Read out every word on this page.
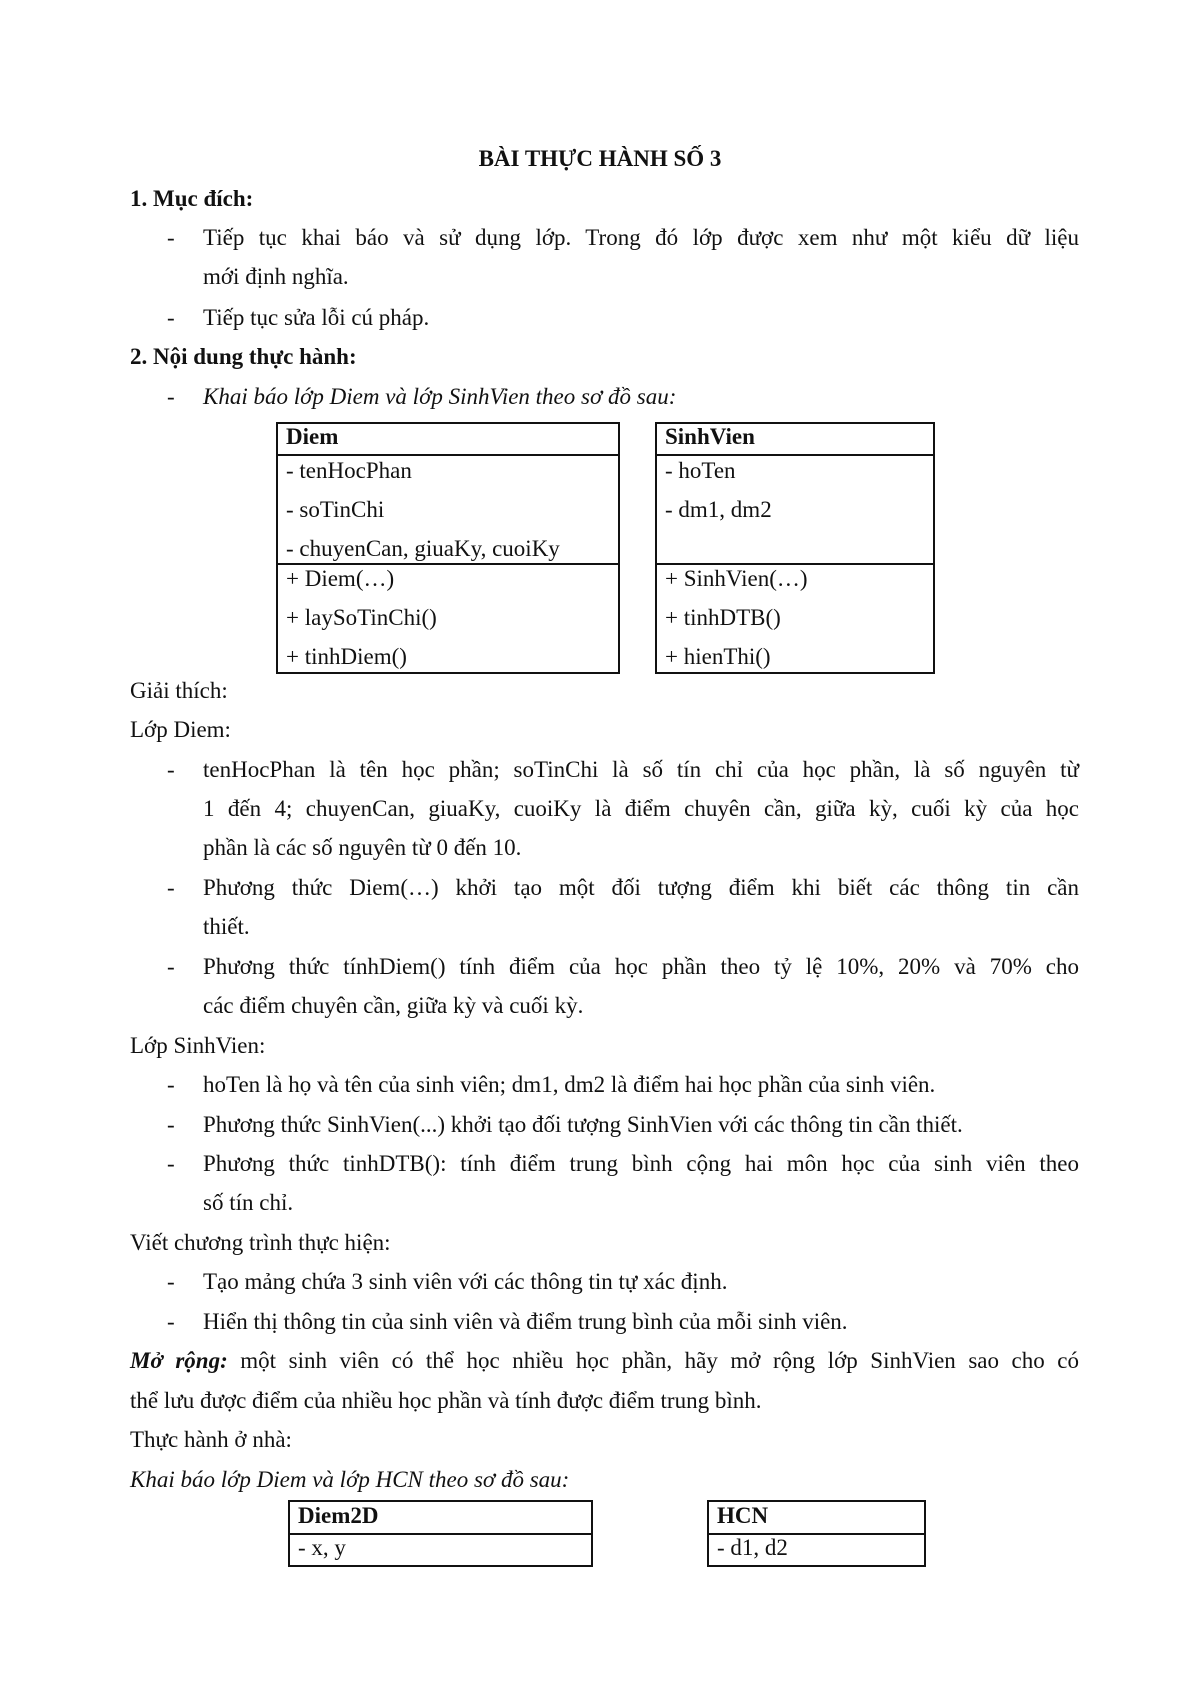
BÀI THỰC HÀNH SỐ 3
1. Mục đích:
- Tiếp tục khai báo và sử dụng lớp. Trong đó lớp được xem như một kiểu dữ liệu
mới định nghĩa.
- Tiếp tục sửa lỗi cú pháp.
2. Nội dung thực hành:
- Khai báo lớp Diem và lớp SinhVien theo sơ đồ sau:
Diem
- tenHocPhan
- soTinChi
- chuyenCan, giuaKy, cuoiKy
+ Diem(…)
+ laySoTinChi()
+ tinhDiem()
SinhVien
- hoTen
- dm1, dm2
+ SinhVien(…)
+ tinhDTB()
+ hienThi()
Giải thích:
Lớp Diem:
- tenHocPhan là tên học phần; soTinChi là số tín chỉ của học phần, là số nguyên từ
1 đến 4; chuyenCan, giuaKy, cuoiKy là điểm chuyên cần, giữa kỳ, cuối kỳ của học
phần là các số nguyên từ 0 đến 10.
- Phương thức Diem(…) khởi tạo một đối tượng điểm khi biết các thông tin cần
thiết.
- Phương thức tínhDiem() tính điểm của học phần theo tỷ lệ 10%, 20% và 70% cho
các điểm chuyên cần, giữa kỳ và cuối kỳ.
Lớp SinhVien:
- hoTen là họ và tên của sinh viên; dm1, dm2 là điểm hai học phần của sinh viên.
- Phương thức SinhVien(...) khởi tạo đối tượng SinhVien với các thông tin cần thiết.
- Phương thức tinhDTB(): tính điểm trung bình cộng hai môn học của sinh viên theo
số tín chỉ.
Viết chương trình thực hiện:
- Tạo mảng chứa 3 sinh viên với các thông tin tự xác định.
- Hiển thị thông tin của sinh viên và điểm trung bình của mỗi sinh viên.
Mở rộng: một sinh viên có thể học nhiều học phần, hãy mở rộng lớp SinhVien sao cho có
thể lưu được điểm của nhiều học phần và tính được điểm trung bình.
Thực hành ở nhà:
Khai báo lớp Diem và lớp HCN theo sơ đồ sau:
Diem2D
- x, y
HCN
- d1, d2
